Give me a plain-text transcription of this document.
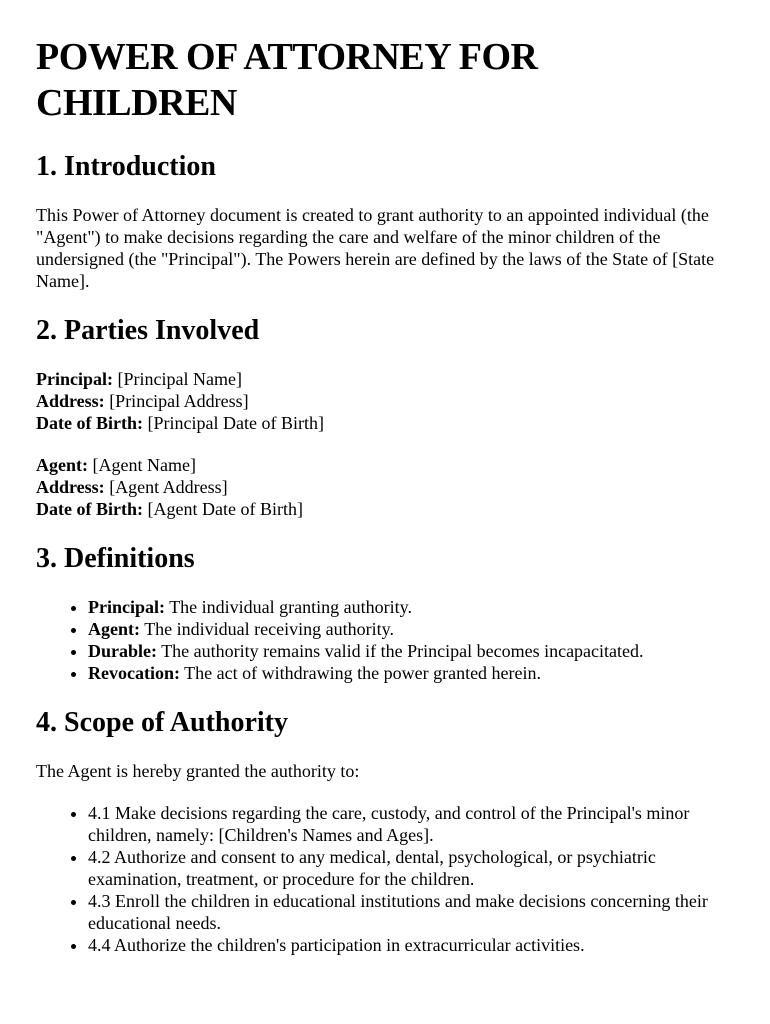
POWER OF ATTORNEY FOR CHILDREN
1. Introduction

This Power of Attorney document is created to grant authority to an appointed individual (the "Agent") to make decisions regarding the care and welfare of the minor children of the undersigned (the "Principal"). The Powers herein are defined by the laws of the State of [State Name].

2. Parties Involved
Principal: [Principal Name]
Address: [Principal Address]
Date of Birth: [Principal Date of Birth]
Agent: [Agent Name]
Address: [Agent Address]
Date of Birth: [Agent Date of Birth]
3. Definitions
• Principal: The individual granting authority.
• Agent: The individual receiving authority.
• Durable: The authority remains valid if the Principal becomes incapacitated.
• Revocation: The act of withdrawing the power granted herein.
4. Scope of Authority

The Agent is hereby granted the authority to:

• 4.1 Make decisions regarding the care, custody, and control of the Principal's minor children, namely: [Children's Names and Ages].
• 4.2 Authorize and consent to any medical, dental, psychological, or psychiatric examination, treatment, or procedure for the children.
• 4.3 Enroll the children in educational institutions and make decisions concerning their educational needs.
• 4.4 Authorize the children's participation in extracurricular activities.
